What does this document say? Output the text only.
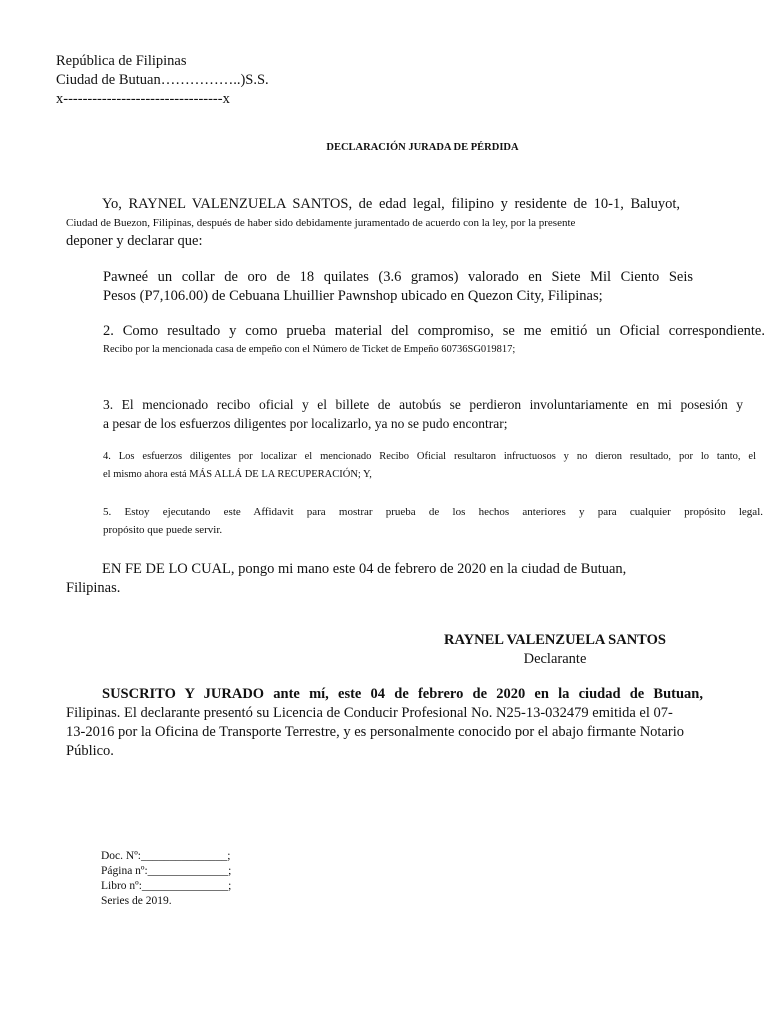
República de Filipinas
Ciudad de Butuan……………..)S.S.
x---------------------------------x
DECLARACIÓN JURADA DE PÉRDIDA
Yo, RAYNEL VALENZUELA SANTOS, de edad legal, filipino y residente de 10-1, Baluyot,
Ciudad de Buezon, Filipinas, después de haber sido debidamente juramentado de acuerdo con la ley, por la presente
deponer y declarar que:
Pawneé un collar de oro de 18 quilates (3.6 gramos) valorado en Siete Mil Ciento Seis
Pesos (P7,106.00) de Cebuana Lhuillier Pawnshop ubicado en Quezon City, Filipinas;
2. Como resultado y como prueba material del compromiso, se me emitió un Oficial correspondiente.
Recibo por la mencionada casa de empeño con el Número de Ticket de Empeño 60736SG019817;
3. El mencionado recibo oficial y el billete de autobús se perdieron involuntariamente en mi posesión y
a pesar de los esfuerzos diligentes por localizarlo, ya no se pudo encontrar;
4. Los esfuerzos diligentes por localizar el mencionado Recibo Oficial resultaron infructuosos y no dieron resultado, por lo tanto, el
el mismo ahora está MÁS ALLÁ DE LA RECUPERACIÓN; Y,
5. Estoy ejecutando este Affidavit para mostrar prueba de los hechos anteriores y para cualquier propósito legal.
propósito que puede servir.
EN FE DE LO CUAL, pongo mi mano este 04 de febrero de 2020 en la ciudad de Butuan,
Filipinas.
RAYNEL VALENZUELA SANTOS
Declarante
SUSCRITO Y JURADO ante mí, este 04 de febrero de 2020 en la ciudad de Butuan,
Filipinas. El declarante presentó su Licencia de Conducir Profesional No. N25-13-032479 emitida el 07-
13-2016 por la Oficina de Transporte Terrestre, y es personalmente conocido por el abajo firmante Notario
Público.
Doc. Nº:_______________;
Página nº:______________;
Libro nº:_______________;
Series de 2019.
